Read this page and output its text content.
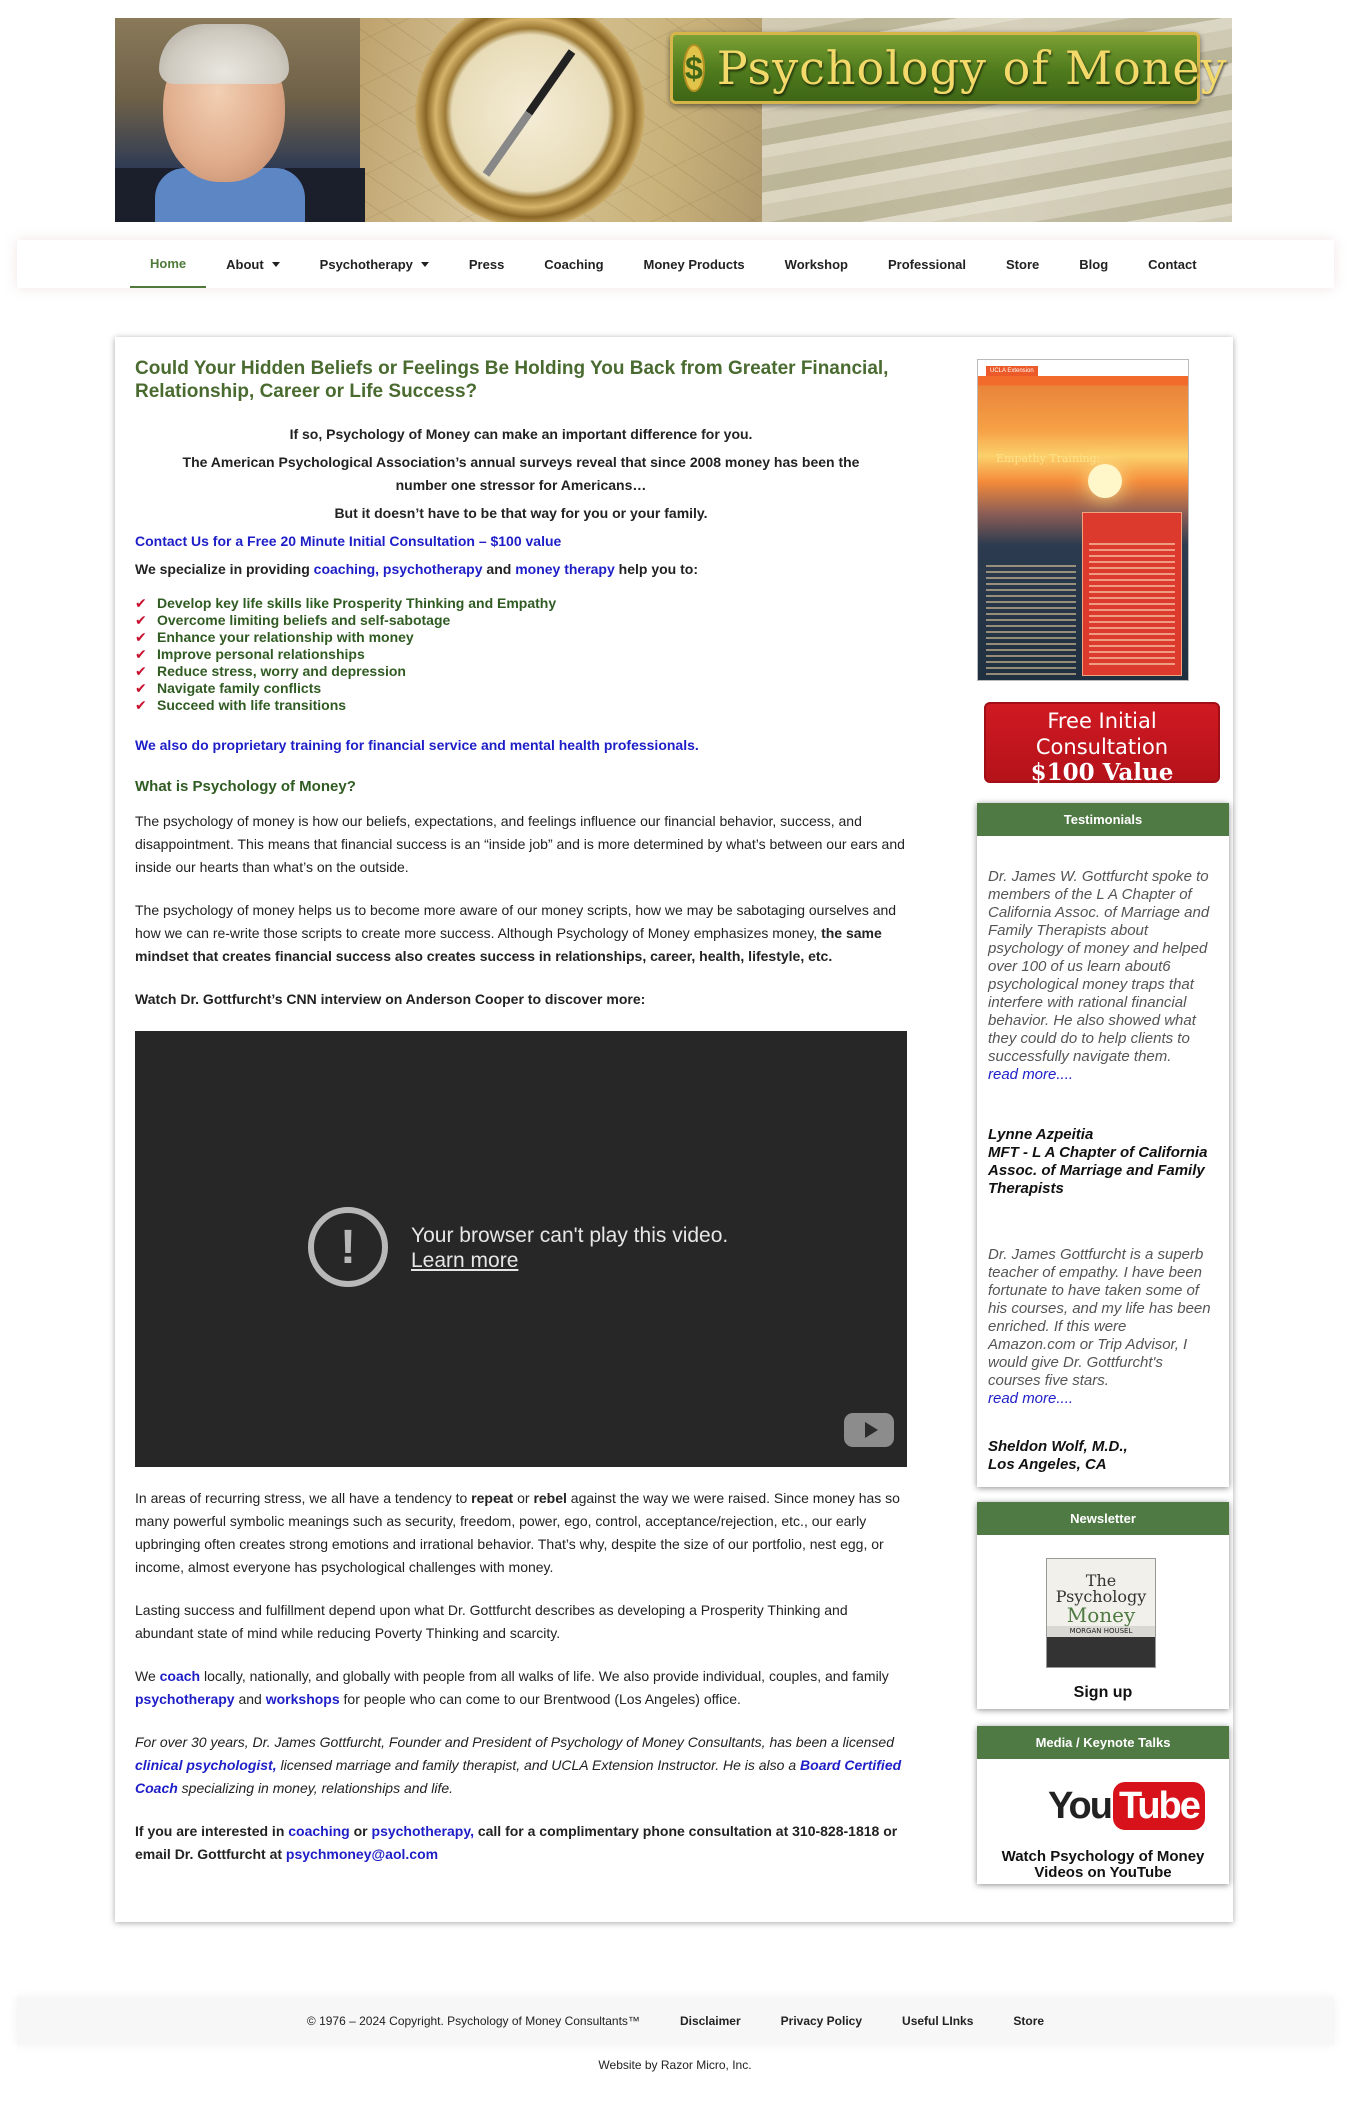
$ Psychology of Money
Home	About	Psychotherapy	Press	Coaching	Money Products	Workshop	Professional	Store	Blog	Contact
Could Your Hidden Beliefs or Feelings Be Holding You Back from Greater Financial, Relationship, Career or Life Success?

If so, Psychology of Money can make an important difference for you.

The American Psychological Association’s annual surveys reveal that since 2008 money has been the number one stressor for Americans…

But it doesn’t have to be that way for you or your family.

Contact Us for a Free 20 Minute Initial Consultation – $100 value

We specialize in providing coaching, psychotherapy and money therapy help you to:

✔ Develop key life skills like Prosperity Thinking and Empathy
✔ Overcome limiting beliefs and self-sabotage
✔ Enhance your relationship with money
✔ Improve personal relationships
✔ Reduce stress, worry and depression
✔ Navigate family conflicts
✔ Succeed with life transitions

We also do proprietary training for financial service and mental health professionals.

What is Psychology of Money?

The psychology of money is how our beliefs, expectations, and feelings influence our financial behavior, success, and disappointment. This means that financial success is an “inside job” and is more determined by what’s between our ears and inside our hearts than what’s on the outside.

The psychology of money helps us to become more aware of our money scripts, how we may be sabotaging ourselves and how we can re-write those scripts to create more success. Although Psychology of Money emphasizes money, the same mindset that creates financial success also creates success in relationships, career, health, lifestyle, etc.

Watch Dr. Gottfurcht’s CNN interview on Anderson Cooper to discover more:

!	Your browser can't play this video.
Learn more

In areas of recurring stress, we all have a tendency to repeat or rebel against the way we were raised. Since money has so many powerful symbolic meanings such as security, freedom, power, ego, control, acceptance/rejection, etc., our early upbringing often creates strong emotions and irrational behavior. That’s why, despite the size of our portfolio, nest egg, or income, almost everyone has psychological challenges with money.

Lasting success and fulfillment depend upon what Dr. Gottfurcht describes as developing a Prosperity Thinking and abundant state of mind while reducing Poverty Thinking and scarcity.

We coach locally, nationally, and globally with people from all walks of life. We also provide individual, couples, and family psychotherapy and workshops for people who can come to our Brentwood (Los Angeles) office.

For over 30 years, Dr. James Gottfurcht, Founder and President of Psychology of Money Consultants, has been a licensed clinical psychologist, licensed marriage and family therapist, and UCLA Extension Instructor. He is also a Board Certified Coach specializing in money, relationships and life.

If you are interested in coaching or psychotherapy, call for a complimentary phone consultation at 310-828-1818 or email Dr. Gottfurcht at psychmoney@aol.com

UCLA Extension
Empathy Training:
Free Initial Consultation
$100 Value
Click Here for Details
Testimonials
Dr. James W. Gottfurcht spoke to members of the L A Chapter of California Assoc. of Marriage and Family Therapists about psychology of money and helped over 100 of us learn about6 psychological money traps that interfere with rational financial behavior. He also showed what they could do to help clients to successfully navigate them.
read more....
Lynne Azpeitia
MFT - L A Chapter of California Assoc. of Marriage and Family Therapists
Dr. James Gottfurcht is a superb teacher of empathy. I have been fortunate to have taken some of his courses, and my life has been enriched. If this were Amazon.com or Trip Advisor, I would give Dr. Gottfurcht's courses five stars.
read more....
Sheldon Wolf, M.D.,
Los Angeles, CA
Newsletter
The Psychology
Money
MORGAN HOUSEL
Sign up
Media / Keynote Talks
You Tube
Watch Psychology of Money Videos on YouTube
© 1976 – 2024 Copyright. Psychology of Money Consultants™	Disclaimer	Privacy Policy	Useful LInks	Store
Website by Razor Micro, Inc.
